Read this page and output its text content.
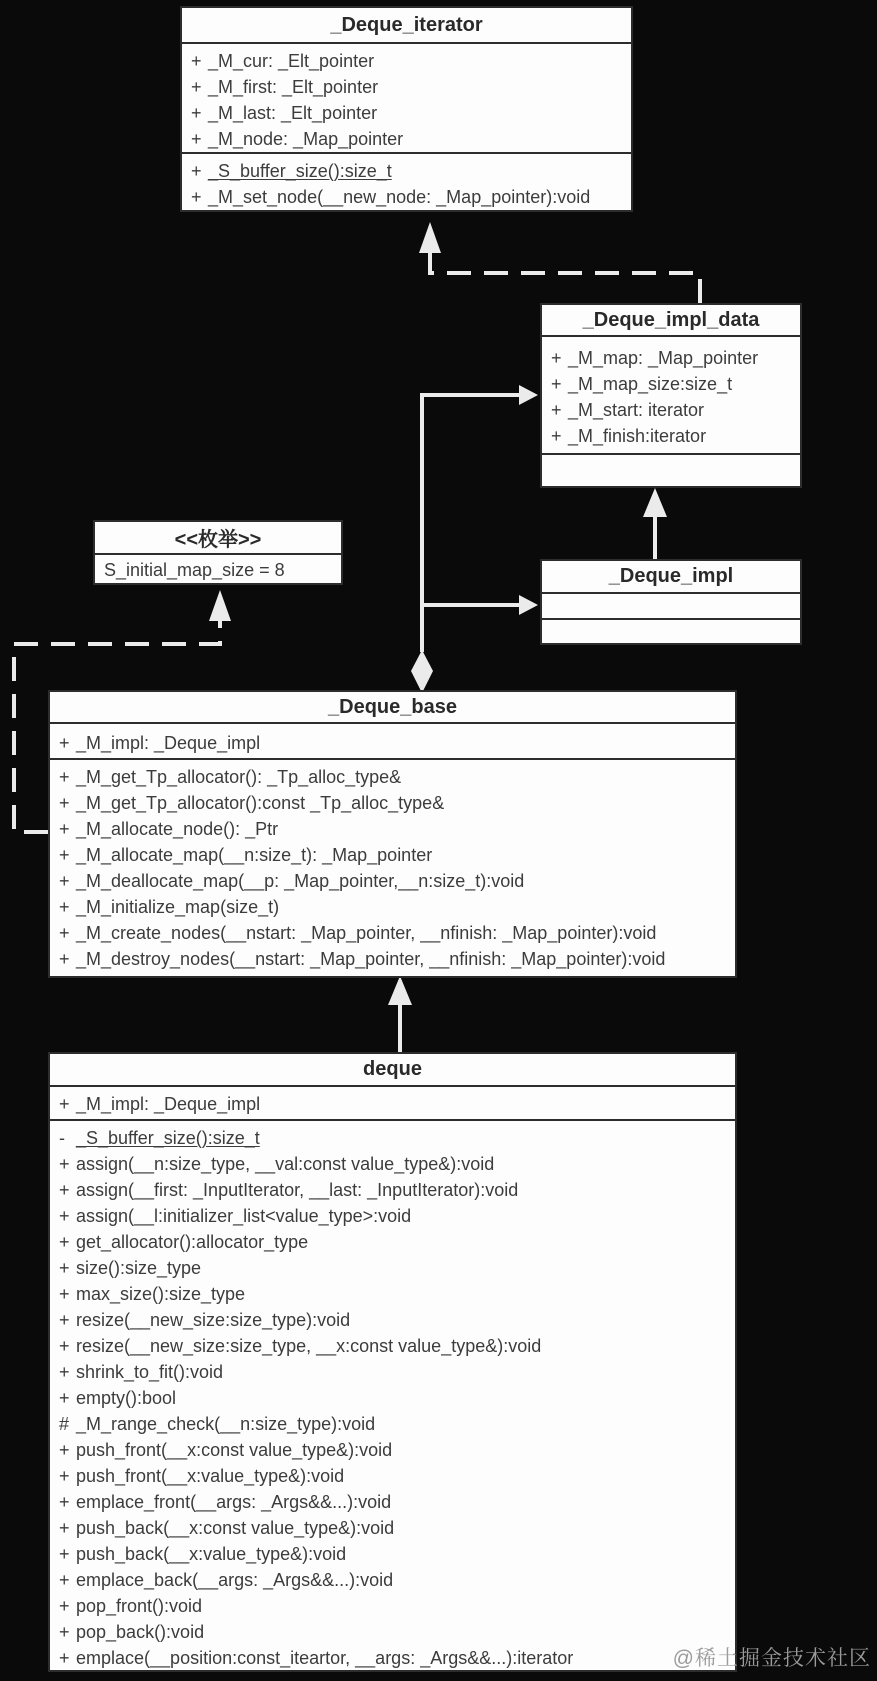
_Deque_iterator
+ _M_cur: _Elt_pointer
+ _M_first: _Elt_pointer
+ _M_last: _Elt_pointer
+ _M_node: _Map_pointer
+ _S_buffer_size():size_t
+ _M_set_node(__new_node: _Map_pointer):void
_Deque_impl_data
+ _M_map: _Map_pointer
+ _M_map_size:size_t
+ _M_start: iterator
+ _M_finish:iterator
<<枚举>>
S_initial_map_size = 8	_Deque_impl
_Deque_base
+ _M_impl: _Deque_impl
+ _M_get_Tp_allocator(): _Tp_alloc_type&
+ _M_get_Tp_allocator():const _Tp_alloc_type&
+ _M_allocate_node(): _Ptr
+ _M_allocate_map(__n:size_t): _Map_pointer
+ _M_deallocate_map(__p: _Map_pointer,__n:size_t):void
+ _M_initialize_map(size_t)
+ _M_create_nodes(__nstart: _Map_pointer, __nfinish: _Map_pointer):void
+ _M_destroy_nodes(__nstart: _Map_pointer, __nfinish: _Map_pointer):void
deque
+ _M_impl: _Deque_impl
- _S_buffer_size():size_t
+ assign(__n:size_type, __val:const value_type&):void
+ assign(__first: _InputIterator, __last: _InputIterator):void
+ assign(__l:initializer_list<value_type>:void
+ get_allocator():allocator_type
+ size():size_type
+ max_size():size_type
+ resize(__new_size:size_type):void
+ resize(__new_size:size_type, __x:const value_type&):void
+ shrink_to_fit():void
+ empty():bool
# _M_range_check(__n:size_type):void
+ push_front(__x:const value_type&):void
+ push_front(__x:value_type&):void
+ emplace_front(__args: _Args&&...):void
+ push_back(__x:const value_type&):void
+ push_back(__x:value_type&):void
+ emplace_back(__args: _Args&&...):void
+ pop_front():void
+ pop_back():void
+ emplace(__position:const_iteartor, __args: _Args&&...):iterator	@稀土掘金技术社区
